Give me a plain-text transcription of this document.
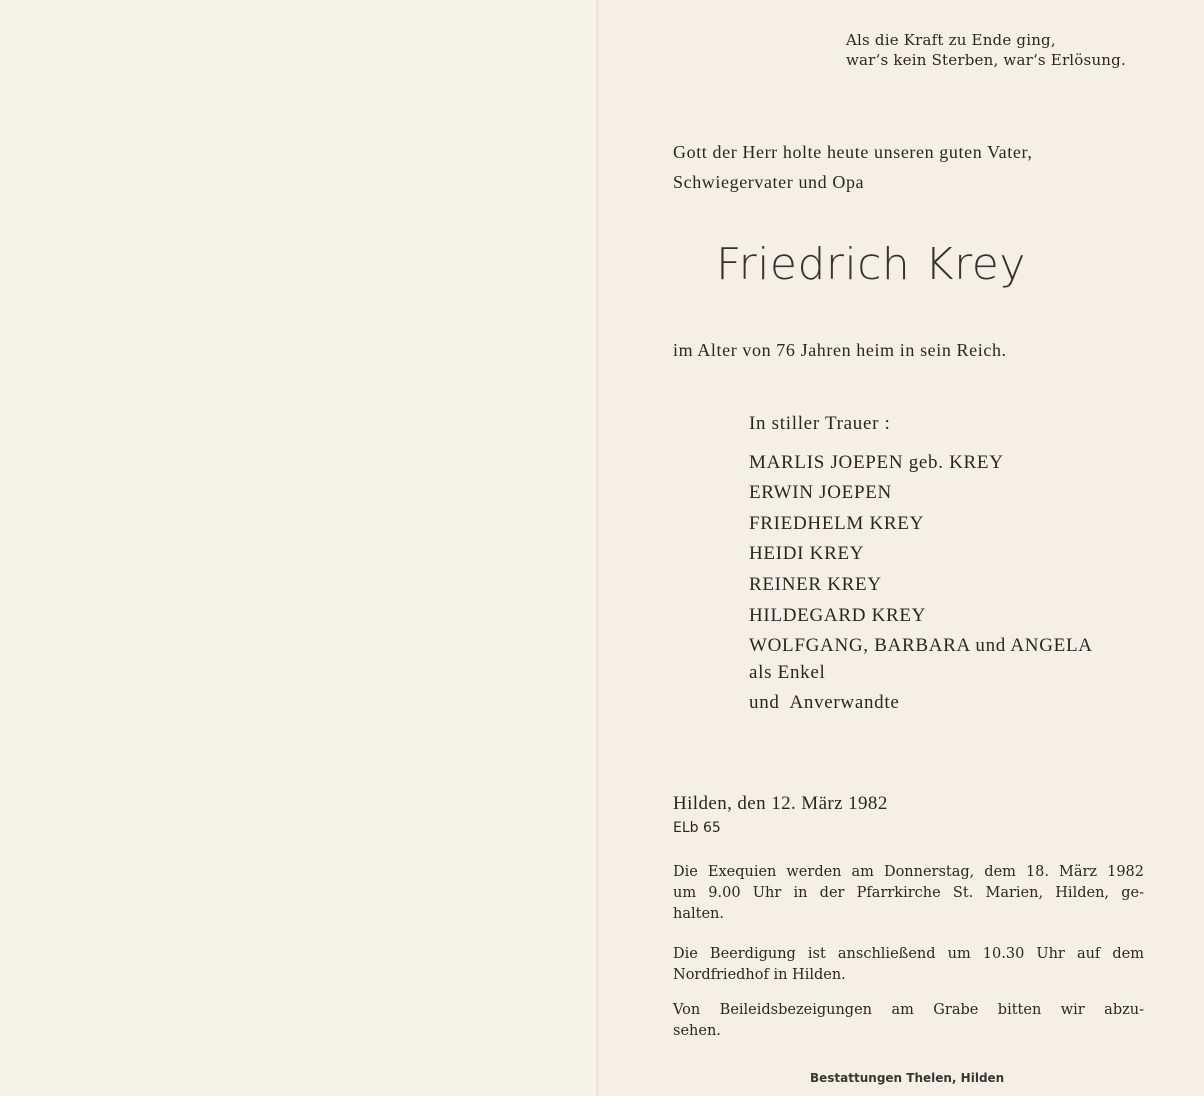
Als die Kraft zu Ende ging,

war‘s kein Sterben, war‘s Erlösung.

Gott der Herr holte heute unseren guten Vater,

Schwiegervater und Opa

Friedrich Krey

im Alter von 76 Jahren heim in sein Reich.

In stiller Trauer :

MARLIS JOEPEN geb. KREY

ERWIN JOEPEN

FRIEDHELM KREY

HEIDI KREY

REINER KREY

HILDEGARD KREY

WOLFGANG, BARBARA und ANGELA

als Enkel

und  Anverwandte

Hilden, den 12. März 1982

ELb 65

Die Exequien werden am Donnerstag, dem 18. März 1982
um 9.00 Uhr in der Pfarrkirche St. Marien, Hilden, ge-
halten.
Die Beerdigung ist anschließend um 10.30 Uhr auf dem
Nordfriedhof in Hilden.
Von Beileidsbezeigungen am Grabe bitten wir abzu-
sehen.

Bestattungen Thelen, Hilden
